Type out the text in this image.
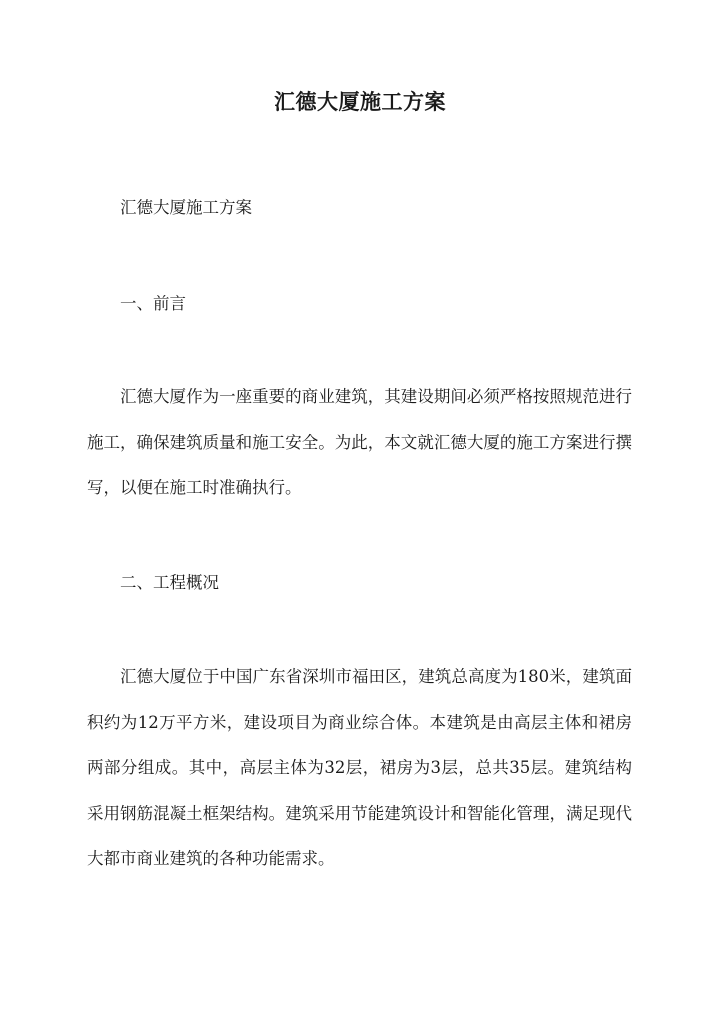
汇德大厦施工方案

汇德大厦施工方案

一、前言

汇德大厦作为一座重要的商业建筑，其建设期间必须严格按照规范进行施工，确保建筑质量和施工安全。为此，本文就汇德大厦的施工方案进行撰写，以便在施工时准确执行。

二、工程概况

汇德大厦位于中国广东省深圳市福田区，建筑总高度为180米，建筑面积约为12万平方米，建设项目为商业综合体。本建筑是由高层主体和裙房两部分组成。其中，高层主体为32层，裙房为3层，总共35层。建筑结构采用钢筋混凝土框架结构。建筑采用节能建筑设计和智能化管理，满足现代大都市商业建筑的各种功能需求。
